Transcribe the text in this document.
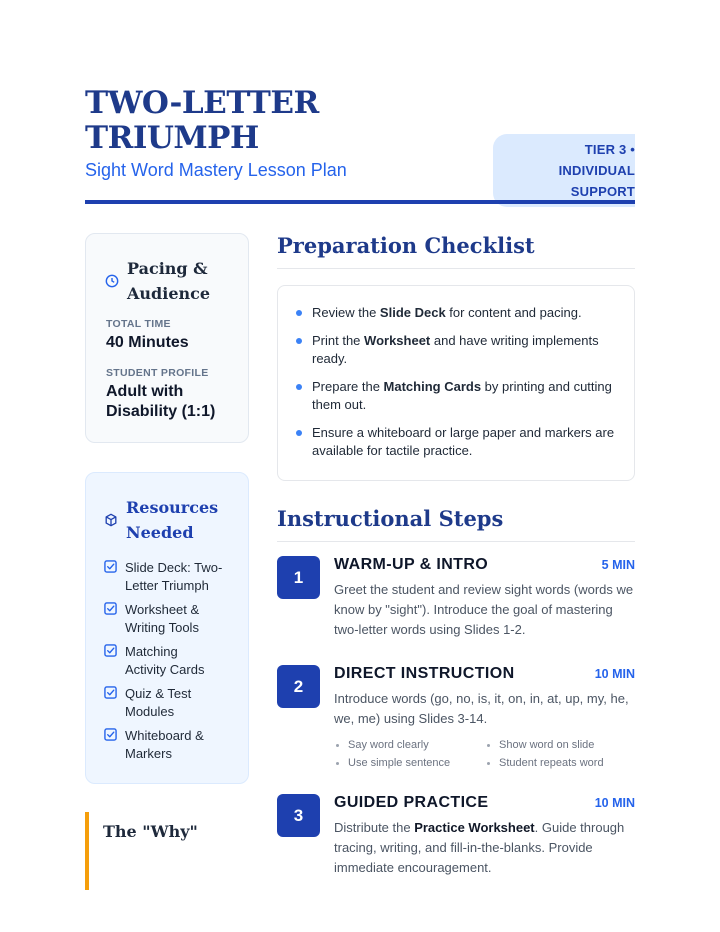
TWO-LETTER TRIUMPH
Sight Word Mastery Lesson Plan
TIER 3 • INDIVIDUAL
SUPPORT
Pacing &
Audience
TOTAL TIME
40 Minutes
STUDENT PROFILE
Adult with
Disability (1:1)
Resources
Needed
Slide Deck: Two-
Letter Triumph
Worksheet &
Writing Tools
Matching
Activity Cards
Quiz & Test
Modules
Whiteboard &
Markers
The "Why"
Preparation Checklist
Review the Slide Deck for content and pacing.
Print the Worksheet and have writing implements ready.
Prepare the Matching Cards by printing and cutting them out.
Ensure a whiteboard or large paper and markers are available for tactile practice.
Instructional Steps
1
WARM-UP & INTRO	5 MIN
Greet the student and review sight words (words we know by "sight"). Introduce the goal of mastering two-letter words using Slides 1-2.
2
DIRECT INSTRUCTION	10 MIN
Introduce words (go, no, is, it, on, in, at, up, my, he, we, me) using Slides 3-14.
Say word clearly	Show word on slide
Use simple sentence	Student repeats word
3
GUIDED PRACTICE	10 MIN
Distribute the Practice Worksheet. Guide through tracing, writing, and fill-in-the-blanks. Provide immediate encouragement.
